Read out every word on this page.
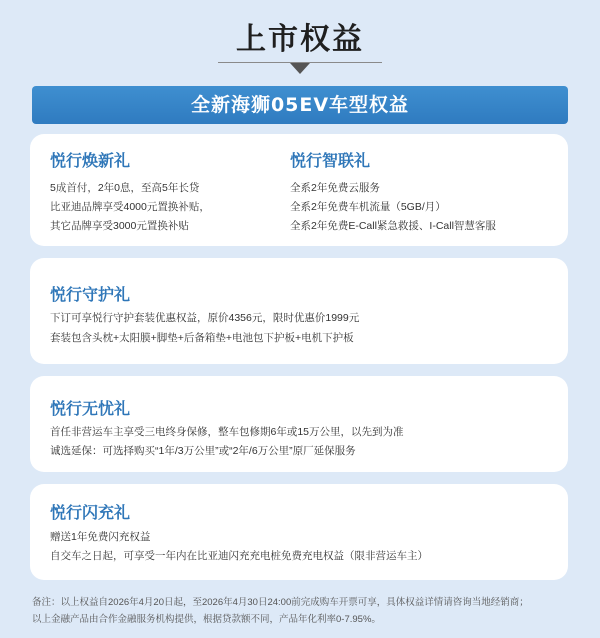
上市权益
全新海狮05EV车型权益
悦行焕新礼
5成首付，2年0息，至高5年长贷
比亚迪品牌享受4000元置换补贴，
其它品牌享受3000元置换补贴
悦行智联礼
全系2年免费云服务
全系2年免费车机流量（5GB/月）
全系2年免费E-Call紧急救援、I-Call智慧客服
悦行守护礼
下订可享悦行守护套装优惠权益，原价4356元，限时优惠价1999元
套装包含头枕+太阳膜+脚垫+后备箱垫+电池包下护板+电机下护板
悦行无忧礼
首任非营运车主享受三电终身保修，整车包修期6年或15万公里，以先到为准
诚选延保：可选择购买“1年/3万公里”或“2年/6万公里”原厂延保服务
悦行闪充礼
赠送1年免费闪充权益
自交车之日起，可享受一年内在比亚迪闪充充电桩免费充电权益（限非营运车主）
备注：以上权益自2026年4月20日起，至2026年4月30日24:00前完成购车开票可享，具体权益详情请咨询当地经销商；
以上金融产品由合作金融服务机构提供，根据贷款额不同，产品年化利率0-7.95%。
